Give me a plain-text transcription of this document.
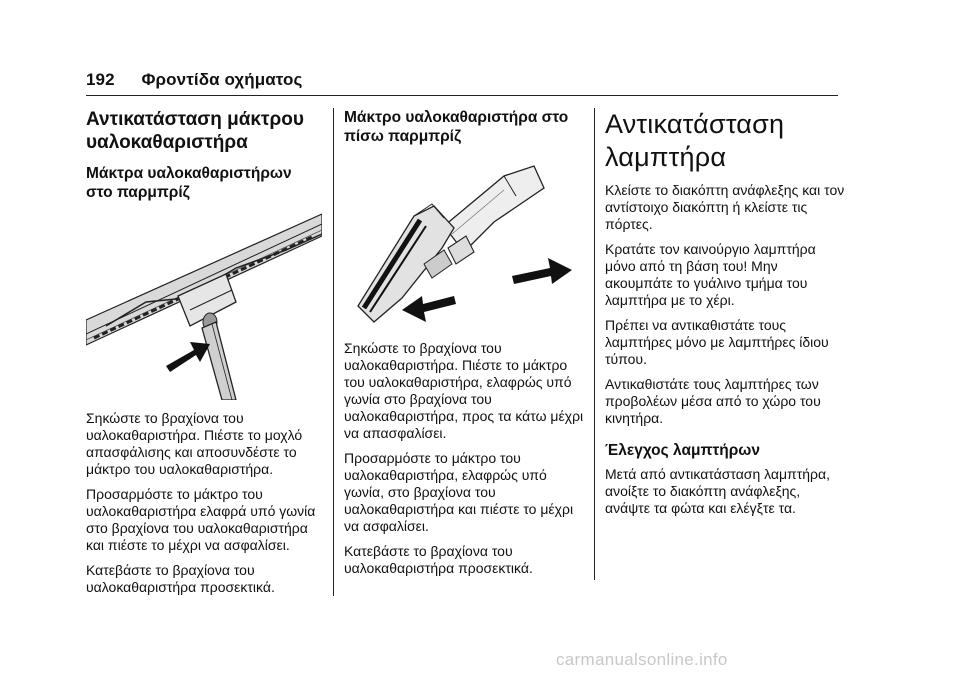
192 Φροντίδα οχήματος
Αντικατάσταση μάκτρου υαλοκαθαριστήρα
Μάκτρα υαλοκαθαριστήρων στο παρμπρίζ

Σηκώστε το βραχίονα του υαλοκαθαριστήρα. Πιέστε το μοχλό απασφάλισης και αποσυνδέστε το μάκτρο του υαλοκαθαριστήρα.

Προσαρμόστε το μάκτρο του υαλοκαθαριστήρα ελαφρά υπό γωνία στο βραχίονα του υαλοκαθαριστήρα και πιέστε το μέχρι να ασφαλίσει.

Κατεβάστε το βραχίονα του υαλοκαθαριστήρα προσεκτικά.

Μάκτρο υαλοκαθαριστήρα στο πίσω παρμπρίζ

Σηκώστε το βραχίονα του υαλοκαθαριστήρα. Πιέστε το μάκτρο του υαλοκαθαριστήρα, ελαφρώς υπό γωνία στο βραχίονα του υαλοκαθαριστήρα, προς τα κάτω μέχρι να απασφαλίσει.

Προσαρμόστε το μάκτρο του υαλοκαθαριστήρα, ελαφρώς υπό γωνία, στο βραχίονα του υαλοκαθαριστήρα και πιέστε το μέχρι να ασφαλίσει.

Κατεβάστε το βραχίονα του υαλοκαθαριστήρα προσεκτικά.

Αντικατάσταση λαμπτήρα

Κλείστε το διακόπτη ανάφλεξης και τον αντίστοιχο διακόπτη ή κλείστε τις πόρτες.

Κρατάτε τον καινούργιο λαμπτήρα μόνο από τη βάση του! Μην ακουμπάτε το γυάλινο τμήμα του λαμπτήρα με το χέρι.

Πρέπει να αντικαθιστάτε τους λαμπτήρες μόνο με λαμπτήρες ίδιου τύπου.

Αντικαθιστάτε τους λαμπτήρες των προβολέων μέσα από το χώρο του κινητήρα.

Έλεγχος λαμπτήρων

Μετά από αντικατάσταση λαμπτήρα, ανοίξτε το διακόπτη ανάφλεξης, ανάψτε τα φώτα και ελέγξτε τα.

carmanualsonline.info
